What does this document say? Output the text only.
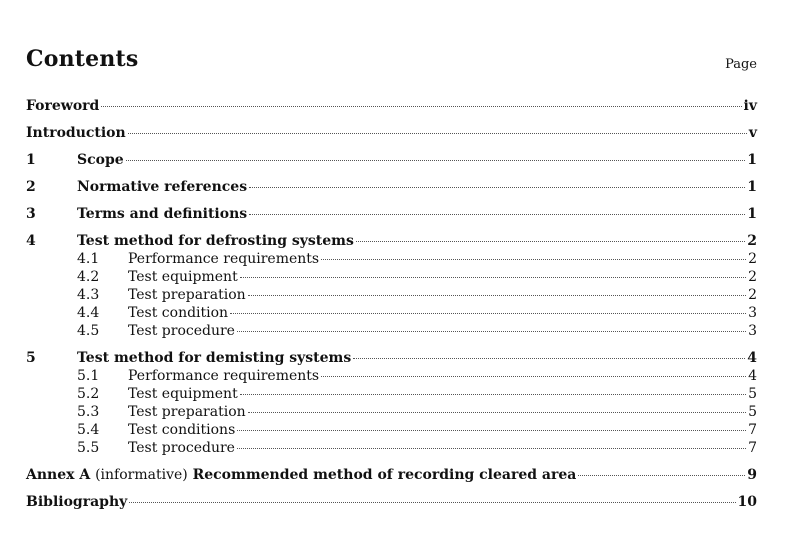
Contents	Page
Foreword	iv
Introduction	v
1	Scope	1
2	Normative references	1
3	Terms and definitions	1
4	Test method for defrosting systems	2
4.1	Performance requirements	2
4.2	Test equipment	2
4.3	Test preparation	2
4.4	Test condition	3
4.5	Test procedure	3
5	Test method for demisting systems	4
5.1	Performance requirements	4
5.2	Test equipment	5
5.3	Test preparation	5
5.4	Test conditions	7
5.5	Test procedure	7
Annex A (informative) Recommended method of recording cleared area	9
Bibliography	10
